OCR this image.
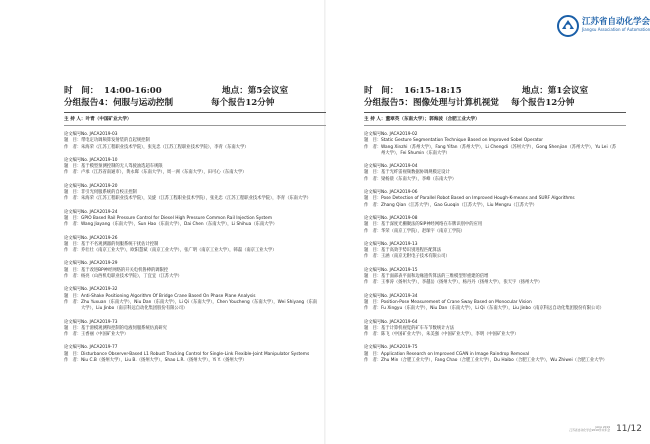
江苏省自动化学会
Jiangsu Association of Automation
时　间： 14:00-16:00	地点：第5会议室
分组报告4：伺服与运动控制	每个报告12分钟
主 持 人：叶青（中国矿业大学）
论文编号：
No. JACA2019-03
题　目： 带电定功调频算发射装的自起规控制
作　者： 朱海荣（江苏工程职业技术学院），张先忠（江苏工程职业技术学院），李青（东南大学）
论文编号：
No. JACA2019-10
题　目： 基于模型预测控制的无人驾驶油选超车规限
作　者： 卢承（江苏省南通市），黄永晖（东南大学），周一洲（东南大学），田可心（东南大学）
论文编号：
No. JACA2019-20
题　目： 非引光伺服系统的自校正控制
作　者： 朱海荣（江苏工程职业技术学院），吴旋（江苏工程职业技术学院），张先忠（江苏工程职业技术学院），李青（东南大学）
论文编号：
No. JACA2019-24
题　目： GPIO Based Rail Pressure Control for Diesel High Pressure Common Rail Injection System
作　者： Wang Jiayang（东南大学），Sun Hao（东南大学），Dai Chen（东南大学），Li Shihua（东南大学）
论文编号：
No. JACA2019-26
题　目： 基于不名观测器的伺服系统干扰估计控制
作　者： 乔壮壮（南京工业大学），欧阳慧斌（南京工业大学），张广明（南京工业大学），韩磊（南京工业大学）
论文编号：
No. JACA2019-29
题　目： 基于改进BP神经网络的开关电机鲁棒的调限控
作　者： 杨亮（山西机电职业技术学院），丁宜宜（江苏大学）
论文编号：
No. JACA2019-32
题　目： Anti-Shake Positioning Algorithm Of Bridge Crane Based On Phase Plane Analysis
作　者： Zhu Yuxuan（东南大学），Niu Dan（东南大学），Li Qi（东南大学），Chen Youcheng（东南大学），Wei Shiyang（东南大学），Liu Jinbo（南京科远自动化集团股份有限公司）
论文编号：
No. JACA2019-73
题　目： 基于滑模观测和控制的电液伺服系统仿真研究
作　者： 王香丽（中国矿业大学）
论文编号：
No. JACA2019-77
题　目： Disturbance Observer-Based L1 Robust Tracking Control for Single-Link Flexible-Joint Manipulator Systems
作　者： Niu C.B（扬州大学），Liu B.（扬州大学），Shao L.R.（扬州大学），Yi Y.（扬州大学）
时　间： 16:15-18:15	地点：第1会议室
分组报告5：图像处理与计算机视觉 每个报告12分钟
主 持 人：董翠英（东南大学）；郭海波（合肥工业大学）
论文编号：
No. JACA2019-02
题　目： Static Gesture Segmentation Technique Based on Improved Sobel Operator
作　者： Wang Xinzhi（苏州大学），Fang Yifan（苏州大学），Li Chengdi（苏州大学），Gong Shenjian（苏州大学），Yu Lei（苏州大学），Fei Shumin（东南大学）
论文编号：
No. JACA2019-04
题　目： 基于光纤雷视频数据协调规模定设计
作　者： 梁杨晨（东南大学），李峰（东南大学）
论文编号：
No. JACA2019-06
题　目： Pose Detection of Parallel Robot Based on Improved Hough-K-means and SURF Algorithms
作　者： Zhang Qian（江苏大学），Gao Guoqin（江苏大学），Liu Mengru（江苏大学）
论文编号：
No. JACA2019-08
题　目： 基于深度光栅聚法的SIP神经网络在车牌识别中的应用
作　者： 华荣（南京工学院），赵琛宇（南京工学院）
论文编号：
No. JACA2019-13
题　目： 基于高效手势识别进程匹配算法
作　者： 王涵（南京无附电子技术有限公司）
论文编号：
No. JACA2019-15
题　目： 基于面部表平面和边缘遗传算法的三维模型形重建的倍增
作　者： 王事涛（扬州大学），李越岳（扬州大学），杨丹丹（扬州大学），张天宇（扬州大学）
论文编号：
No. JACA2019-34
题　目： Position-Pose Measurement of Crane Sway Based on Monocular Vision
作　者： Fu Xingyu（东南大学），Niu Dan（东南大学），Li Qi（东南大学），Liu Jinbo（南京科远自动化集团股份有限公司）
论文编号：
No. JACA2019-64
题　目： 基于计算机视觉的矿车车节数统计方法
作　者： 陈飞（中国矿业大学），朱美强（中国矿业大学），李明（中国矿业大学）
论文编号：
No. JACA2019-75
题　目： Application Research on Improved CGAN in Image Raindrop Removal
作　者： Zhu Min（合肥工业大学），Fang Chao（合肥工业大学），Du Haibo（合肥工业大学），Wu Zhiwei（合肥工业大学）
JACA 2019
江苏省自动化学会2019学术年会 11/12
